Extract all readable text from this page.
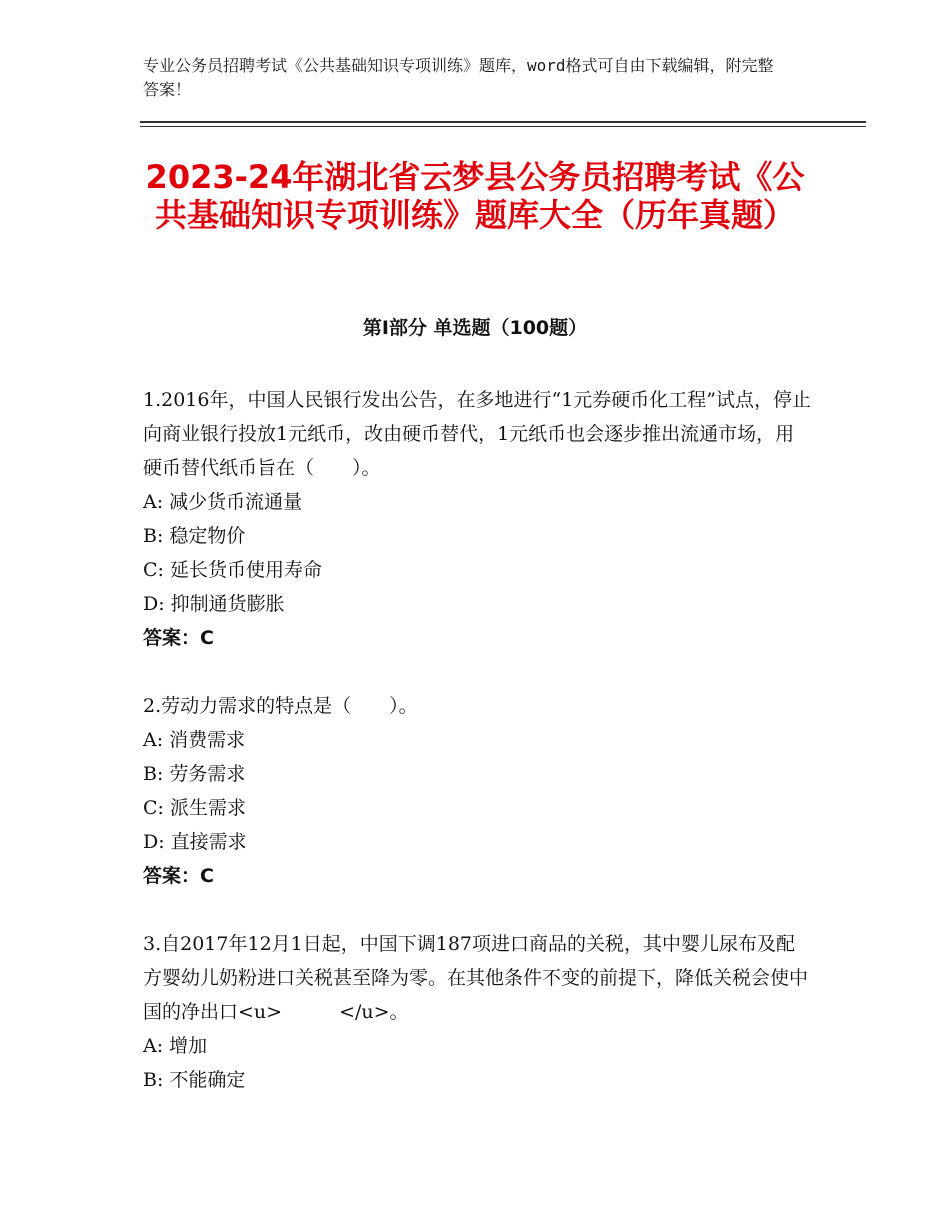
专业公务员招聘考试《公共基础知识专项训练》题库，word格式可自由下载编辑，附完整答案！

2023-24年湖北省云梦县公务员招聘考试《公共基础知识专项训练》题库大全（历年真题）
第Ⅰ部分 单选题（100题）

1.2016年，中国人民银行发出公告，在多地进行“1元券硬币化工程”试点，停止向商业银行投放1元纸币，改由硬币替代，1元纸币也会逐步推出流通市场，用硬币替代纸币旨在（　　）。

A: 减少货币流通量

B: 稳定物价

C: 延长货币使用寿命

D: 抑制通货膨胀

答案：C

2.劳动力需求的特点是（　　）。

A: 消费需求

B: 劳务需求

C: 派生需求

D: 直接需求

答案：C

3.自2017年12月1日起，中国下调187项进口商品的关税，其中婴儿尿布及配方婴幼儿奶粉进口关税甚至降为零。在其他条件不变的前提下，降低关税会使中国的净出口<u>　　　</u>。

A: 增加

B: 不能确定
